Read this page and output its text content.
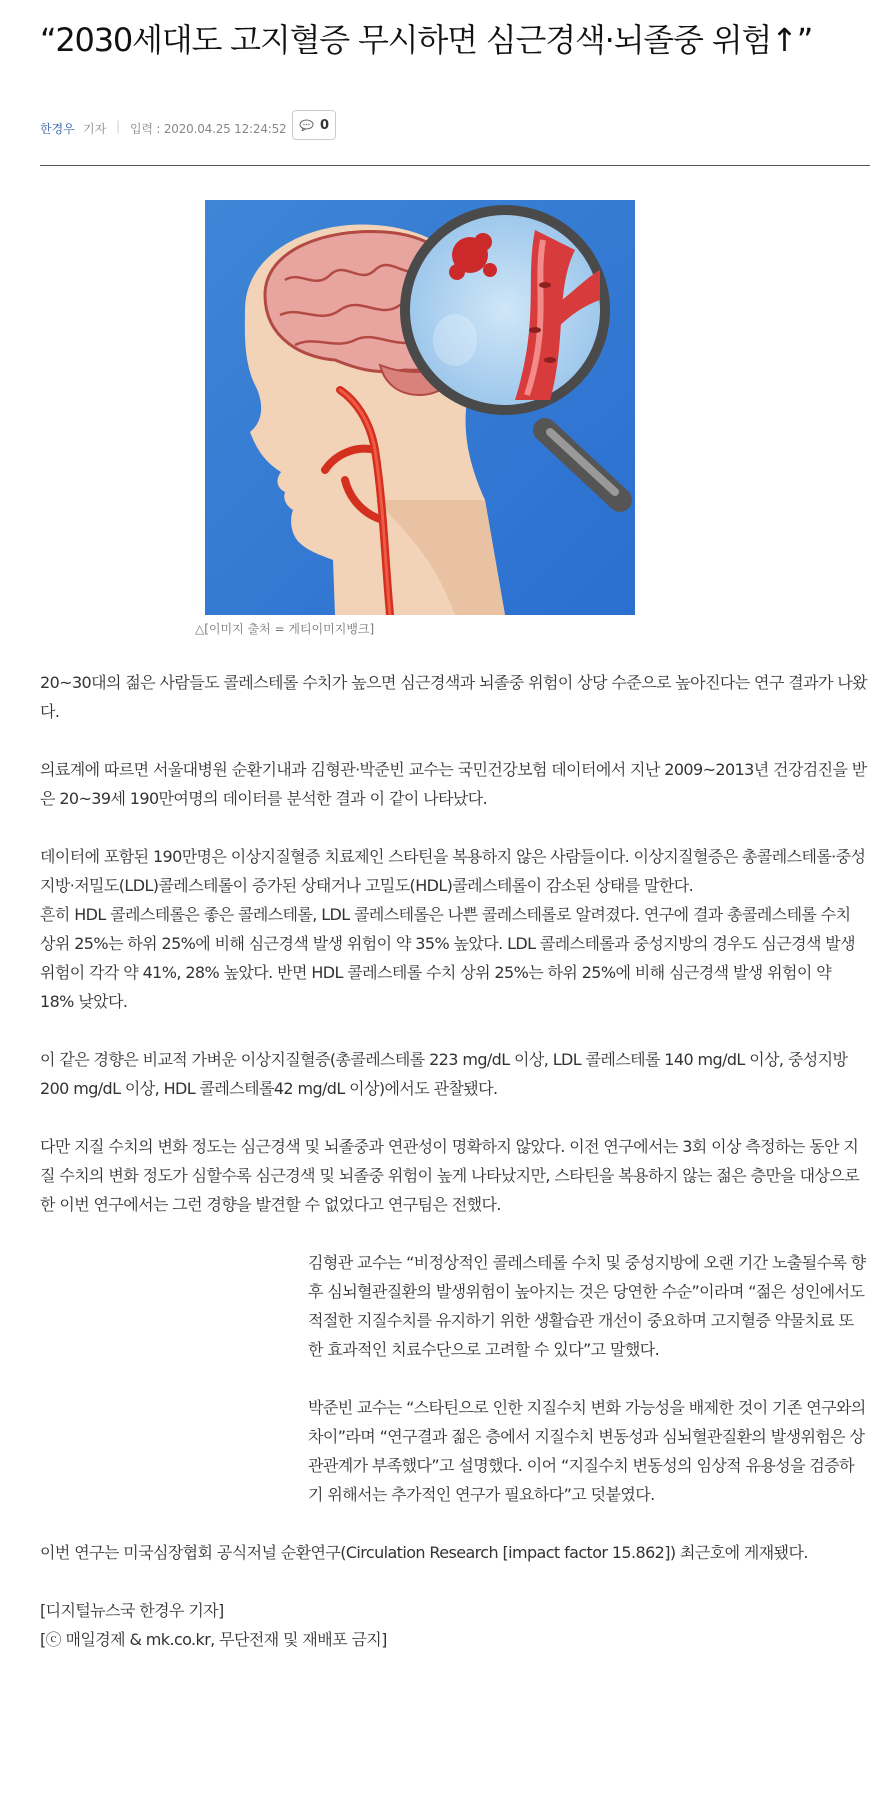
“2030세대도 고지혈증 무시하면 심근경색·뇌졸중 위험↑”
한경우 기자 | 입력 : 2020.04.25 12:24:52	0
△[이미지 출처 = 게티이미지뱅크]

20~30대의 젊은 사람들도 콜레스테롤 수치가 높으면 심근경색과 뇌졸중 위험이 상당 수준으로 높아진다는 연구 결과가 나왔다.

의료계에 따르면 서울대병원 순환기내과 김형관·박준빈 교수는 국민건강보험 데이터에서 지난 2009~2013년 건강검진을 받은 20~39세 190만여명의 데이터를 분석한 결과 이 같이 나타났다.

데이터에 포함된 190만명은 이상지질혈증 치료제인 스타틴을 복용하지 않은 사람들이다. 이상지질혈증은 총콜레스테롤·중성지방·저밀도(LDL)콜레스테롤이 증가된 상태거나 고밀도(HDL)콜레스테롤이 감소된 상태를 말한다.

흔히 HDL 콜레스테롤은 좋은 콜레스테롤, LDL 콜레스테롤은 나쁜 콜레스테롤로 알려졌다. 연구에 결과 총콜레스테롤 수치 상위 25%는 하위 25%에 비해 심근경색 발생 위험이 약 35% 높았다. LDL 콜레스테롤과 중성지방의 경우도 심근경색 발생 위험이 각각 약 41%, 28% 높았다. 반면 HDL 콜레스테롤 수치 상위 25%는 하위 25%에 비해 심근경색 발생 위험이 약 18% 낮았다.

이 같은 경향은 비교적 가벼운 이상지질혈증(총콜레스테롤 223 mg/dL 이상, LDL 콜레스테롤 140 mg/dL 이상, 중성지방 200 mg/dL 이상, HDL 콜레스테롤42 mg/dL 이상)에서도 관찰됐다.

다만 지질 수치의 변화 정도는 심근경색 및 뇌졸중과 연관성이 명확하지 않았다. 이전 연구에서는 3회 이상 측정하는 동안 지질 수치의 변화 정도가 심할수록 심근경색 및 뇌졸중 위험이 높게 나타났지만, 스타틴을 복용하지 않는 젊은 층만을 대상으로 한 이번 연구에서는 그런 경향을 발견할 수 없었다고 연구팀은 전했다.

김형관 교수는 “비정상적인 콜레스테롤 수치 및 중성지방에 오랜 기간 노출될수록 향후 심뇌혈관질환의 발생위험이 높아지는 것은 당연한 수순”이라며 “젊은 성인에서도 적절한 지질수치를 유지하기 위한 생활습관 개선이 중요하며 고지혈증 약물치료 또한 효과적인 치료수단으로 고려할 수 있다”고 말했다.

박준빈 교수는 “스타틴으로 인한 지질수치 변화 가능성을 배제한 것이 기존 연구와의 차이”라며 “연구결과 젊은 층에서 지질수치 변동성과 심뇌혈관질환의 발생위험은 상관관계가 부족했다”고 설명했다. 이어 “지질수치 변동성의 임상적 유용성을 검증하기 위해서는 추가적인 연구가 필요하다”고 덧붙였다.

이번 연구는 미국심장협회 공식저널 순환연구(Circulation Research [impact factor 15.862]) 최근호에 게재됐다.

[디지털뉴스국 한경우 기자]

[ⓒ 매일경제 & mk.co.kr, 무단전재 및 재배포 금지]
